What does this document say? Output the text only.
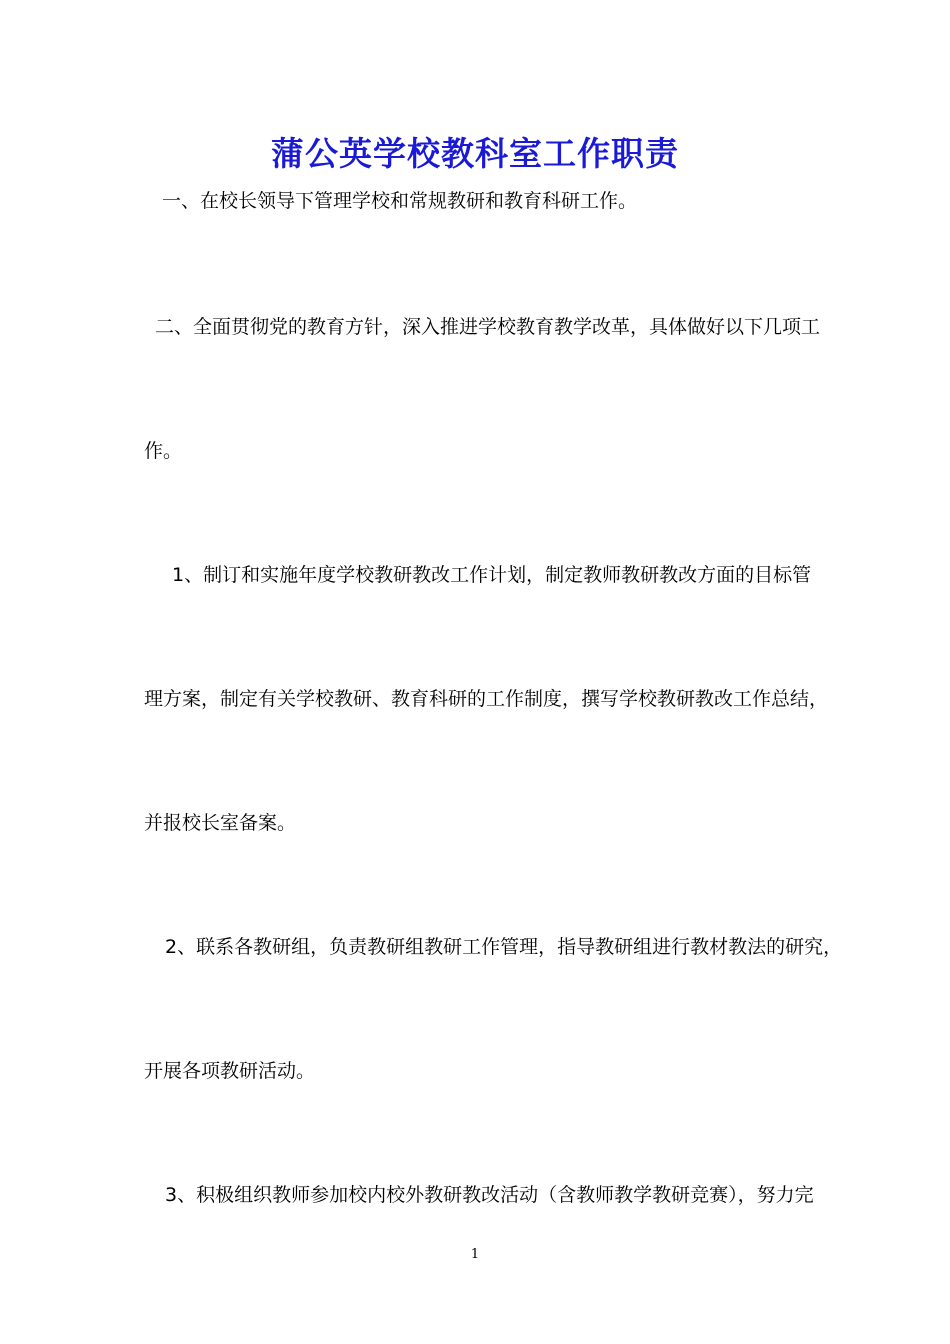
蒲公英学校教科室工作职责
一、在校长领导下管理学校和常规教研和教育科研工作。
二、全面贯彻党的教育方针，深入推进学校教育教学改革，具体做好以下几项工
作。
1、制订和实施年度学校教研教改工作计划，制定教师教研教改方面的目标管
理方案，制定有关学校教研、教育科研的工作制度，撰写学校教研教改工作总结，
并报校长室备案。
2、联系各教研组，负责教研组教研工作管理，指导教研组进行教材教法的研究，
开展各项教研活动。
3、积极组织教师参加校内校外教研教改活动（含教师教学教研竞赛），努力完
1
